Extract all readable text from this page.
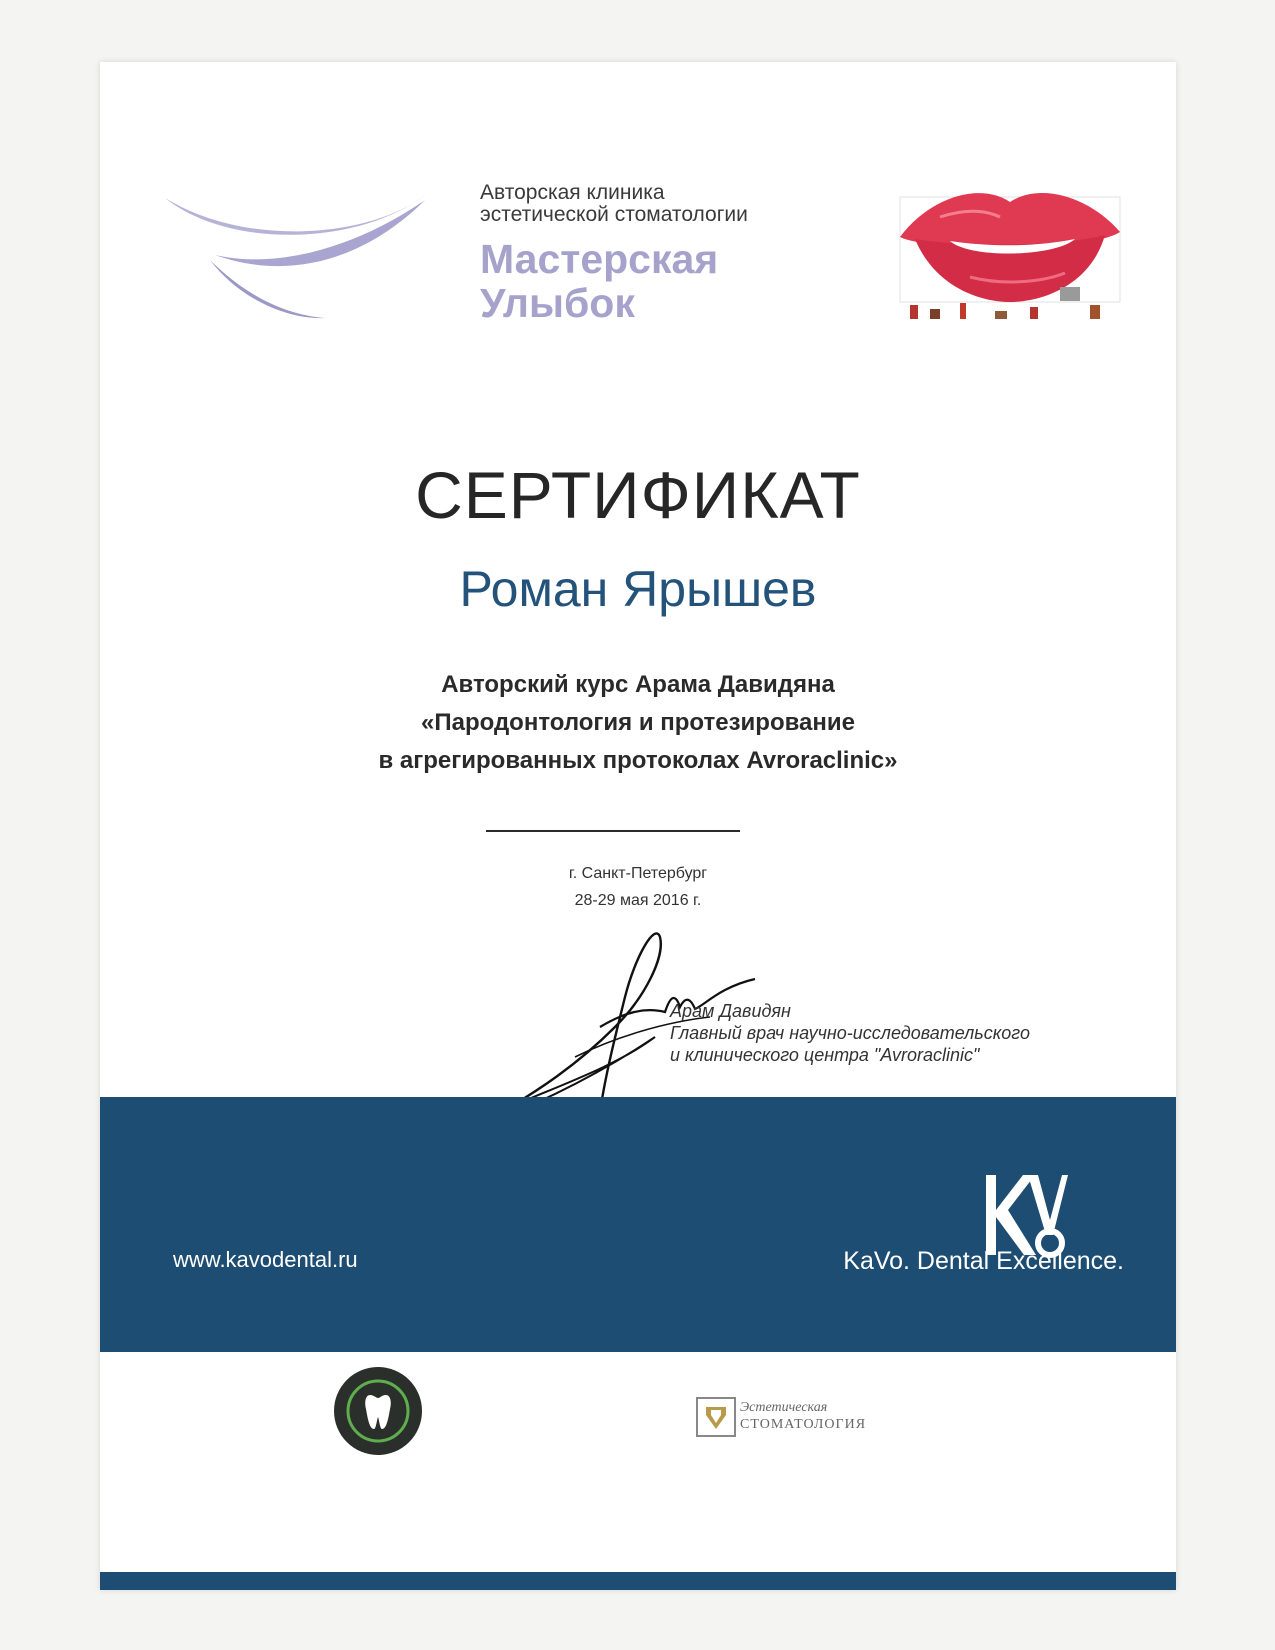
Авторская клиника
эстетической стоматологии
Мастерская
Улыбок
СЕРТИФИКАТ
Роман Ярышев
Авторский курс Арама Давидяна
«Пародонтология и протезирование
в агрегированных протоколах Avroraclinic»
г. Санкт-Петербург
28-29 мая 2016 г.
Арам Давидян
Главный врач научно-исследовательского
и клинического центра "Avroraclinic"
www.kavodental.ru	KaVo. Dental Excellence.
Эстетическая
СТОМАТОЛОГИЯ
